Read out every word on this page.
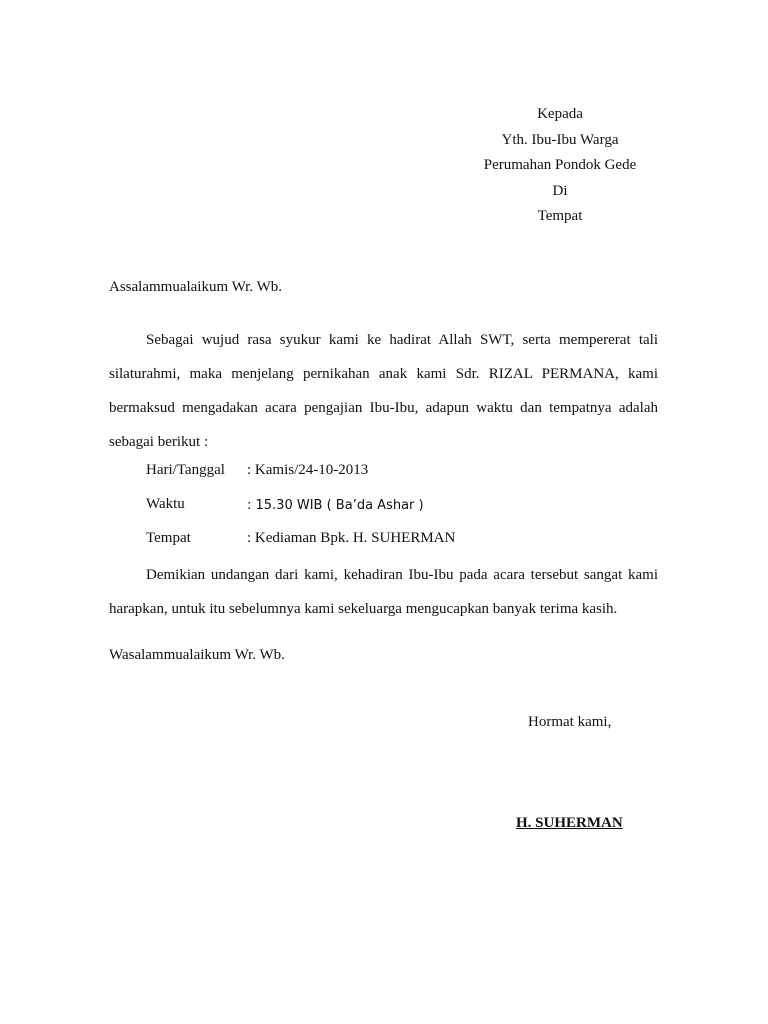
Kepada
Yth. Ibu-Ibu Warga
Perumahan Pondok Gede
Di
Tempat
Assalammualaikum Wr. Wb.

Sebagai wujud rasa syukur kami ke hadirat Allah SWT, serta mempererat tali silaturahmi, maka menjelang pernikahan anak kami Sdr. RIZAL PERMANA, kami bermaksud mengadakan acara pengajian Ibu-Ibu, adapun waktu dan tempatnya adalah sebagai berikut :

Hari/Tanggal : Kamis/24-10-2013
Waktu	: 15.30 WIB ( Ba’da Ashar )
Tempat	: Kediaman Bpk. H. SUHERMAN

Demikian undangan dari kami, kehadiran Ibu-Ibu pada acara tersebut sangat kami harapkan, untuk itu sebelumnya kami sekeluarga mengucapkan banyak terima kasih.

Wasalammualaikum Wr. Wb.
Hormat kami,
H. SUHERMAN
